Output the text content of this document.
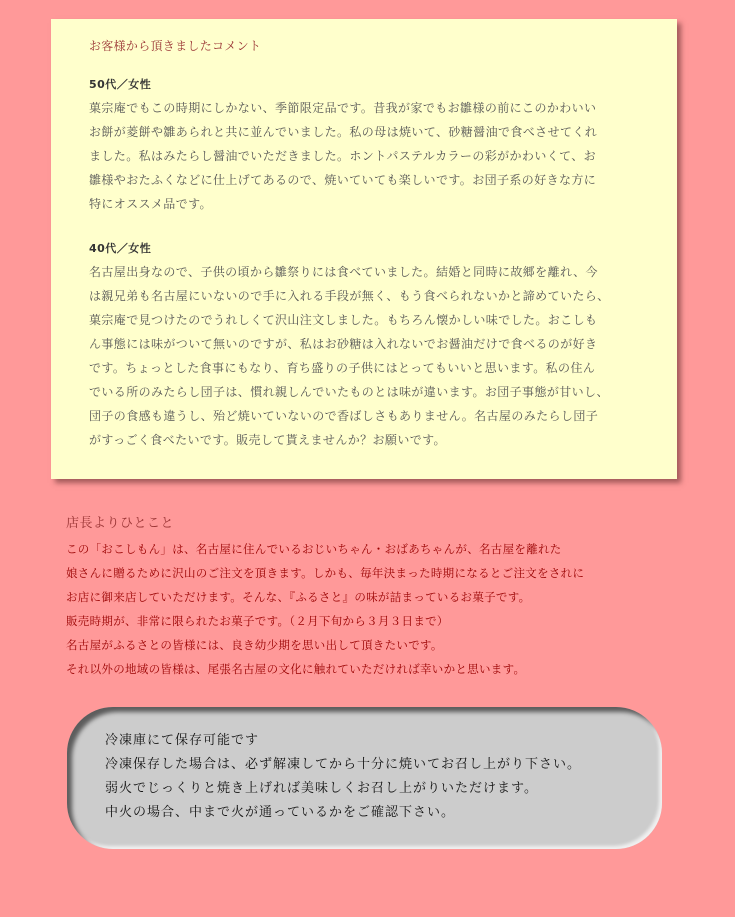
お客様から頂きましたコメント

50代／女性

菓宗庵でもこの時期にしかない、季節限定品です。昔我が家でもお雛様の前にこのかわいい
お餅が菱餅や雛あられと共に並んでいました。私の母は焼いて、砂糖醤油で食べさせてくれ
ました。私はみたらし醤油でいただきました。ホントパステルカラーの彩がかわいくて、お
雛様やおたふくなどに仕上げてあるので、焼いていても楽しいです。お団子系の好きな方に
特にオススメ品です。

40代／女性

名古屋出身なので、子供の頃から雛祭りには食べていました。結婚と同時に故郷を離れ、今
は親兄弟も名古屋にいないので手に入れる手段が無く、もう食べられないかと諦めていたら、
菓宗庵で見つけたのでうれしくて沢山注文しました。もちろん懐かしい味でした。おこしも
ん事態には味がついて無いのですが、私はお砂糖は入れないでお醤油だけで食べるのが好き
です。ちょっとした食事にもなり、育ち盛りの子供にはとってもいいと思います。私の住ん
でいる所のみたらし団子は、慣れ親しんでいたものとは味が違います。お団子事態が甘いし、
団子の食感も違うし、殆ど焼いていないので香ばしさもありません。名古屋のみたらし団子
がすっごく食べたいです。販売して貰えませんか？お願いです。

店長よりひとこと

この「おこしもん」は、名古屋に住んでいるおじいちゃん・おばあちゃんが、名古屋を離れた
娘さんに贈るために沢山のご注文を頂きます。しかも、毎年決まった時期になるとご注文をされに
お店に御来店していただけます。そんな、『ふるさと』の味が詰まっているお菓子です。
販売時期が、非常に限られたお菓子です。（２月下旬から３月３日まで）
名古屋がふるさとの皆様には、良き幼少期を思い出して頂きたいです。
それ以外の地域の皆様は、尾張名古屋の文化に触れていただければ幸いかと思います。

冷凍庫にて保存可能です
冷凍保存した場合は、必ず解凍してから十分に焼いてお召し上がり下さい。
弱火でじっくりと焼き上げれば美味しくお召し上がりいただけます。
中火の場合、中まで火が通っているかをご確認下さい。
